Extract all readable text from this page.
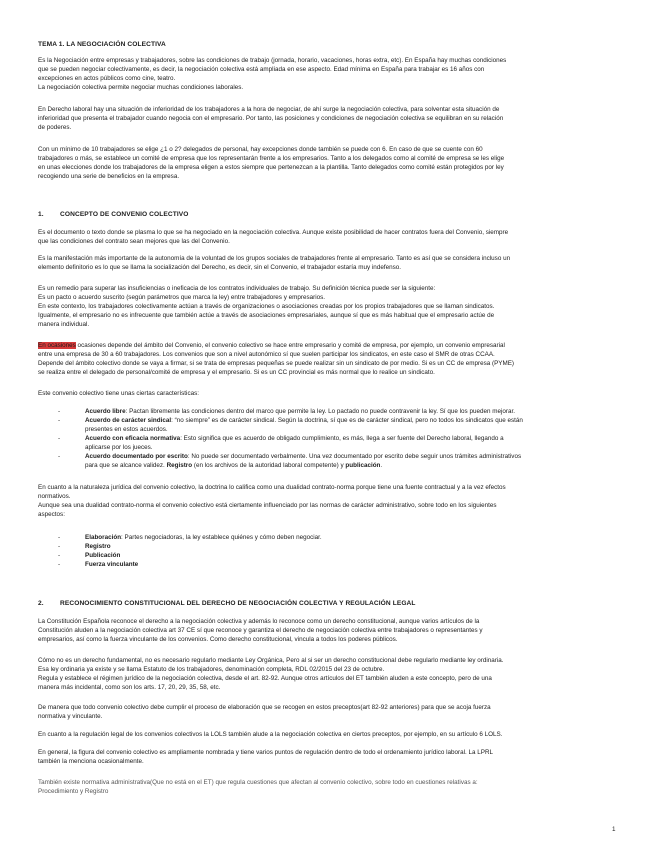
TEMA 1. LA NEGOCIACIÓN COLECTIVA
Es la Negociación entre empresas y trabajadores, sobre las condiciones de trabajo (jornada, horario, vacaciones, horas extra, etc). En España hay muchas condiciones
que se pueden negociar colectivamente, es decir, la negociación colectiva está ampliada en ese aspecto. Edad mínima en España para trabajar es 16 años con
excepciones en actos públicos como cine, teatro.
La negociación colectiva permite negociar muchas condiciones laborales.
En Derecho laboral hay una situación de inferioridad de los trabajadores a la hora de negociar, de ahí surge la negociación colectiva, para solventar esta situación de
inferioridad que presenta el trabajador cuando negocia con el empresario. Por tanto, las posiciones y condiciones de negociación colectiva se equilibran en su relación
de poderes.
Con un mínimo de 10 trabajadores se elige ¿1 o 2? delegados de personal, hay excepciones donde también se puede con 6. En caso de que se cuente con 60
trabajadores o más, se establece un comité de empresa que los representarán frente a los empresarios. Tanto a los delegados como al comité de empresa se les elige
en unas elecciones donde los trabajadores de la empresa eligen a estos siempre que pertenezcan a la plantilla. Tanto delegados como comité están protegidos por ley
recogiendo una serie de beneficios en la empresa.
1. CONCEPTO DE CONVENIO COLECTIVO
Es el documento o texto donde se plasma lo que se ha negociado en la negociación colectiva. Aunque existe posibilidad de hacer contratos fuera del Convenio, siempre
que las condiciones del contrato sean mejores que las del Convenio.
Es la manifestación más importante de la autonomía de la voluntad de los grupos sociales de trabajadores frente al empresario. Tanto es así que se considera incluso un
elemento definitorio es lo que se llama la socialización del Derecho, es decir, sin el Convenio, el trabajador estaría muy indefenso.
Es un remedio para superar las insuficiencias o ineficacia de los contratos individuales de trabajo. Su definición técnica puede ser la siguiente:
Es un pacto o acuerdo suscrito (según parámetros que marca la ley) entre trabajadores y empresarios.
En este contexto, los trabajadores colectivamente actúan a través de organizaciones o asociaciones creadas por los propios trabajadores que se llaman sindicatos.
Igualmente, el empresario no es infrecuente que también actúe a través de asociaciones empresariales, aunque sí que es más habitual que el empresario actúe de
manera individual.
En ocasiones ocasiones depende del ámbito del Convenio, el convenio colectivo se hace entre empresario y comité de empresa, por ejemplo, un convenio empresarial
entre una empresa de 30 a 60 trabajadores. Los convenios que son a nivel autonómico sí que suelen participar los sindicatos, en este caso el SMR de otras CCAA.
Depende del ámbito colectivo donde se vaya a firmar, si se trata de empresas pequeñas se puede realizar sin un sindicato de por medio. Si es un CC de empresa (PYME)
se realiza entre el delegado de personal/comité de empresa y el empresario. Si es un CC provincial es más normal que lo realice un sindicato.
Este convenio colectivo tiene unas ciertas características:
-	Acuerdo libre: Pactan libremente las condiciones dentro del marco que permite la ley. Lo pactado no puede contravenir la ley. Sí que los pueden mejorar.
-	Acuerdo de carácter sindical: “no siempre” es de carácter sindical. Según la doctrina, sí que es de carácter sindical, pero no todos los sindicatos que están
presentes en estos acuerdos.
-	Acuerdo con eficacia normativa: Esto significa que es acuerdo de obligado cumplimiento, es más, llega a ser fuente del Derecho laboral, llegando a
aplicarse por los jueces.
-	Acuerdo documentado por escrito: No puede ser documentado verbalmente. Una vez documentado por escrito debe seguir unos trámites administrativos
para que se alcance validez. Registro (en los archivos de la autoridad laboral competente) y publicación.
En cuanto a la naturaleza jurídica del convenio colectivo, la doctrina lo califica como una dualidad contrato-norma porque tiene una fuente contractual y a la vez efectos
normativos.
Aunque sea una dualidad contrato-norma el convenio colectivo está ciertamente influenciado por las normas de carácter administrativo, sobre todo en los siguientes
aspectos:
-	Elaboración: Partes negociadoras, la ley establece quiénes y cómo deben negociar.
-	Registro
-	Publicación
-	Fuerza vinculante
2. RECONOCIMIENTO CONSTITUCIONAL DEL DERECHO DE NEGOCIACIÓN COLECTIVA Y REGULACIÓN LEGAL
La Constitución Española reconoce el derecho a la negociación colectiva y además lo reconoce como un derecho constitucional, aunque varios artículos de la
Constitución aluden a la negociación colectiva art 37 CE sí que reconoce y garantiza el derecho de negociación colectiva entre trabajadores o representantes y
empresarios, así como la fuerza vinculante de los convenios. Como derecho constitucional, vincula a todos los poderes públicos.
Cómo no es un derecho fundamental, no es necesario regularlo mediante Ley Orgánica, Pero al si ser un derecho constitucional debe regularlo mediante ley ordinaria.
Esa ley ordinaria ya existe y se llama Estatuto de los trabajadores, denominación completa, RDL 02/2015 del 23 de octubre.
Regula y establece el régimen jurídico de la negociación colectiva, desde el art. 82-92. Aunque otros artículos del ET también aluden a este concepto, pero de una
manera más incidental, como son los arts. 17, 20, 29, 35, 58, etc.
De manera que todo convenio colectivo debe cumplir el proceso de elaboración que se recogen en estos preceptos(art 82-92 anteriores) para que se acoja fuerza
normativa y vinculante.
En cuanto a la regulación legal de los convenios colectivos la LOLS también alude a la negociación colectiva en ciertos preceptos, por ejemplo, en su artículo 6 LOLS.
En general, la figura del convenio colectivo es ampliamente nombrada y tiene varios puntos de regulación dentro de todo el ordenamiento jurídico laboral. La LPRL
también la menciona ocasionalmente.
También existe normativa administrativa(Que no está en el ET) que regula cuestiones que afectan al convenio colectivo, sobre todo en cuestiones relativas a:
Procedimiento y Registro
1
